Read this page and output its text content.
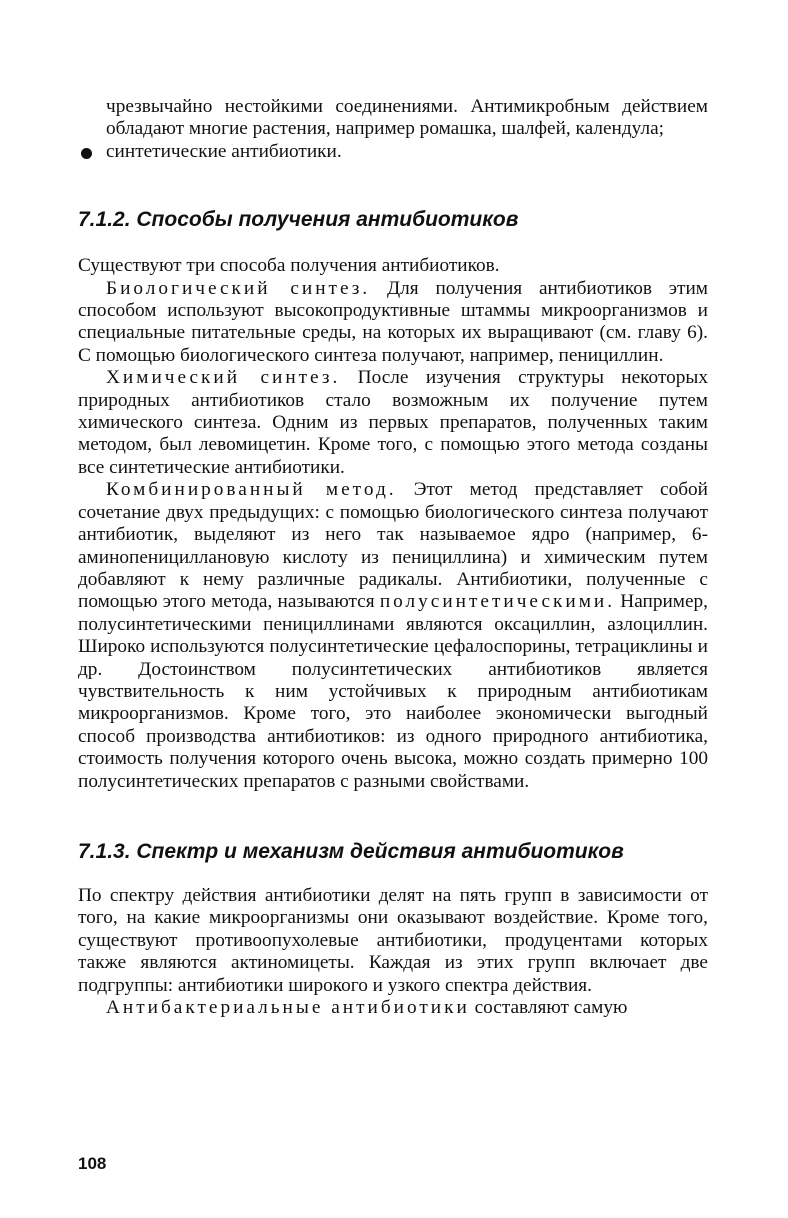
чрезвычайно нестойкими соединениями. Антимикробным действием обладают многие растения, например ромашка, шалфей, календула;

синтетические антибиотики.

7.1.2. Способы получения антибиотиков

Существуют три способа получения антибиотиков.

Биологический синтез. Для получения антибиотиков этим способом используют высокопродуктивные штаммы микроорганизмов и специальные питательные среды, на которых их выращивают (см. главу 6). С помощью биологического синтеза получают, например, пенициллин.

Химический синтез. После изучения структуры некоторых природных антибиотиков стало возможным их получение путем химического синтеза. Одним из первых препаратов, полученных таким методом, был левомицетин. Кроме того, с помощью этого метода созданы все синтетические антибиотики.

Комбинированный метод. Этот метод представляет собой сочетание двух предыдущих: с помощью биологического синтеза получают антибиотик, выделяют из него так называемое ядро (например, 6-аминопенициллановую кислоту из пенициллина) и химическим путем добавляют к нему различные радикалы. Антибиотики, полученные с помощью этого метода, называются полусинтетическими. Например, полусинтетическими пенициллинами являются оксациллин, азлоциллин. Широко используются полусинтетические цефалоспорины, тетрациклины и др. Достоинством полусинтетических антибиотиков является чувствительность к ним устойчивых к природным антибиотикам микроорганизмов. Кроме того, это наиболее экономически выгодный способ производства антибиотиков: из одного природного антибиотика, стоимость получения которого очень высока, можно создать примерно 100 полусинтетических препаратов с разными свойствами.

7.1.3. Спектр и механизм действия антибиотиков

По спектру действия антибиотики делят на пять групп в зависимости от того, на какие микроорганизмы они оказывают воздействие. Кроме того, существуют противоопухолевые антибиотики, продуцентами которых также являются актиномицеты. Каждая из этих групп включает две подгруппы: антибиотики широкого и узкого спектра действия.

Антибактериальные антибиотики составляют самую

108
